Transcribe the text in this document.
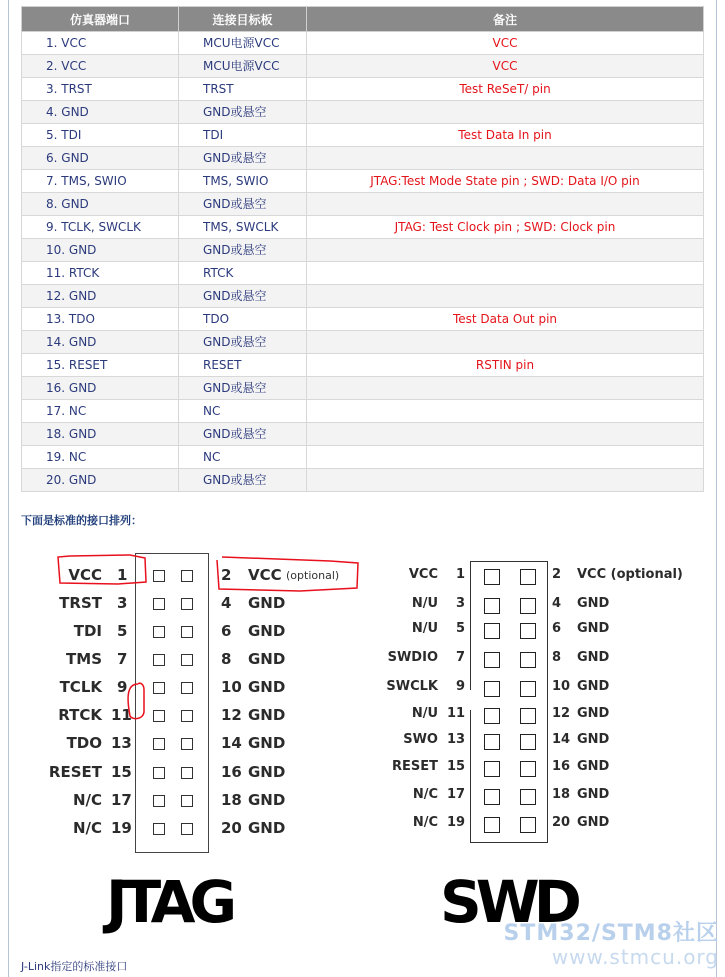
仿真器端口	连接目标板	备注
1. VCC	MCU电源VCC	VCC
2. VCC	MCU电源VCC	VCC
3. TRST	TRST	Test ReSeT/ pin
4. GND	GND或悬空	
5. TDI	TDI	Test Data In pin
6. GND	GND或悬空	
7. TMS, SWIO	TMS, SWIO	JTAG:Test Mode State pin ; SWD: Data I/O pin
8. GND	GND或悬空	
9. TCLK, SWCLK	TMS, SWCLK	JTAG: Test Clock pin ; SWD: Clock pin
10. GND	GND或悬空	
11. RTCK	RTCK	
12. GND	GND或悬空	
13. TDO	TDO	Test Data Out pin
14. GND	GND或悬空	
15. RESET	RESET	RSTIN pin
16. GND	GND或悬空	
17. NC	NC	
18. GND	GND或悬空	
19. NC	NC	
20. GND	GND或悬空	
下面是标准的接口排列：
VCC 1	2 VCC
TRST 3	4 GND
TDI 5	6 GND
TMS 7	8 GND
TCLK 9	10 GND
RTCK 11	12 GND
TDO 13	14 GND
RESET 15	16 GND
N/C 17	18 GND
N/C 19	20 GND
(optional)	VCC 1	2 VCC (optional)
N/U 3	4 GND
N/U 5	6 GND
SWDIO 7	8 GND
SWCLK 9	10 GND
N/U 11	12 GND
SWO 13	14 GND
RESET 15	16 GND
N/C 17	18 GND
N/C 19	20 GND
JTAG	SWD
STM32/STM8社区
www.stmcu.org
J-Link指定的标准接口
